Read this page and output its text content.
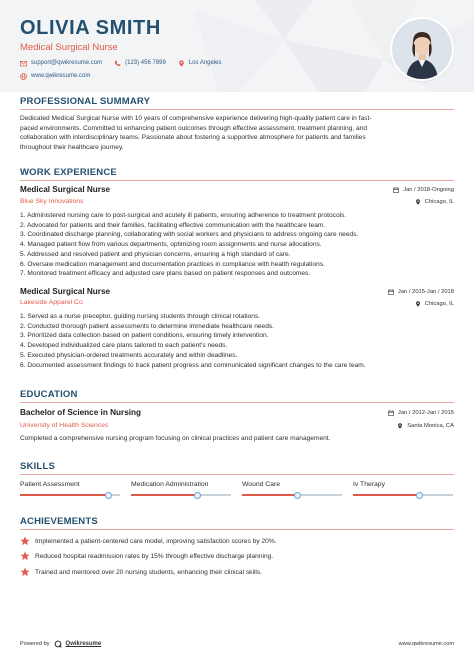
OLIVIA SMITH
Medical Surgical Nurse
support@qwikresume.com	(123) 456 7899	Los Angeles
www.qwikresume.com
PROFESSIONAL SUMMARY
Dedicated Medical Surgical Nurse with 10 years of comprehensive experience delivering high-quality patient care in fast-
paced environments. Committed to enhancing patient outcomes through effective assessment, treatment planning, and
collaboration with interdisciplinary teams. Passionate about fostering a supportive atmosphere for patients and families
throughout their healthcare journey.
WORK EXPERIENCE
Medical Surgical Nurse	Jan / 2018-Ongoing
Blue Sky Innovations	Chicago, IL
1. Administered nursing care to post-surgical and acutely ill patients, ensuring adherence to treatment protocols.
2. Advocated for patients and their families, facilitating effective communication with the healthcare team.
3. Coordinated discharge planning, collaborating with social workers and physicians to address ongoing care needs.
4. Managed patient flow from various departments, optimizing room assignments and nurse allocations.
5. Addressed and resolved patient and physician concerns, ensuring a high standard of care.
6. Oversaw medication management and documentation practices in compliance with health regulations.
7. Monitored treatment efficacy and adjusted care plans based on patient responses and outcomes.
Medical Surgical Nurse	Jan / 2015-Jan / 2018
Lakeside Apparel Co	Chicago, IL
1. Served as a nurse preceptor, guiding nursing students through clinical rotations.
2. Conducted thorough patient assessments to determine immediate healthcare needs.
3. Prioritized data collection based on patient conditions, ensuring timely intervention.
4. Developed individualized care plans tailored to each patient's needs.
5. Executed physician-ordered treatments accurately and within deadlines.
6. Documented assessment findings to track patient progress and communicated significant changes to the care team.
EDUCATION
Bachelor of Science in Nursing	Jan / 2012-Jan / 2015
University of Health Sciences	Santa Monica, CA
Completed a comprehensive nursing program focusing on clinical practices and patient care management.
SKILLS
Patient Assessment	Medication Administration	Wound Care	Iv Therapy
ACHIEVEMENTS
Implemented a patient-centered care model, improving satisfaction scores by 20%.
Reduced hospital readmission rates by 15% through effective discharge planning.
Trained and mentored over 20 nursing students, enhancing their clinical skills.
Powered by	Qwikresume	www.qwikresume.com
